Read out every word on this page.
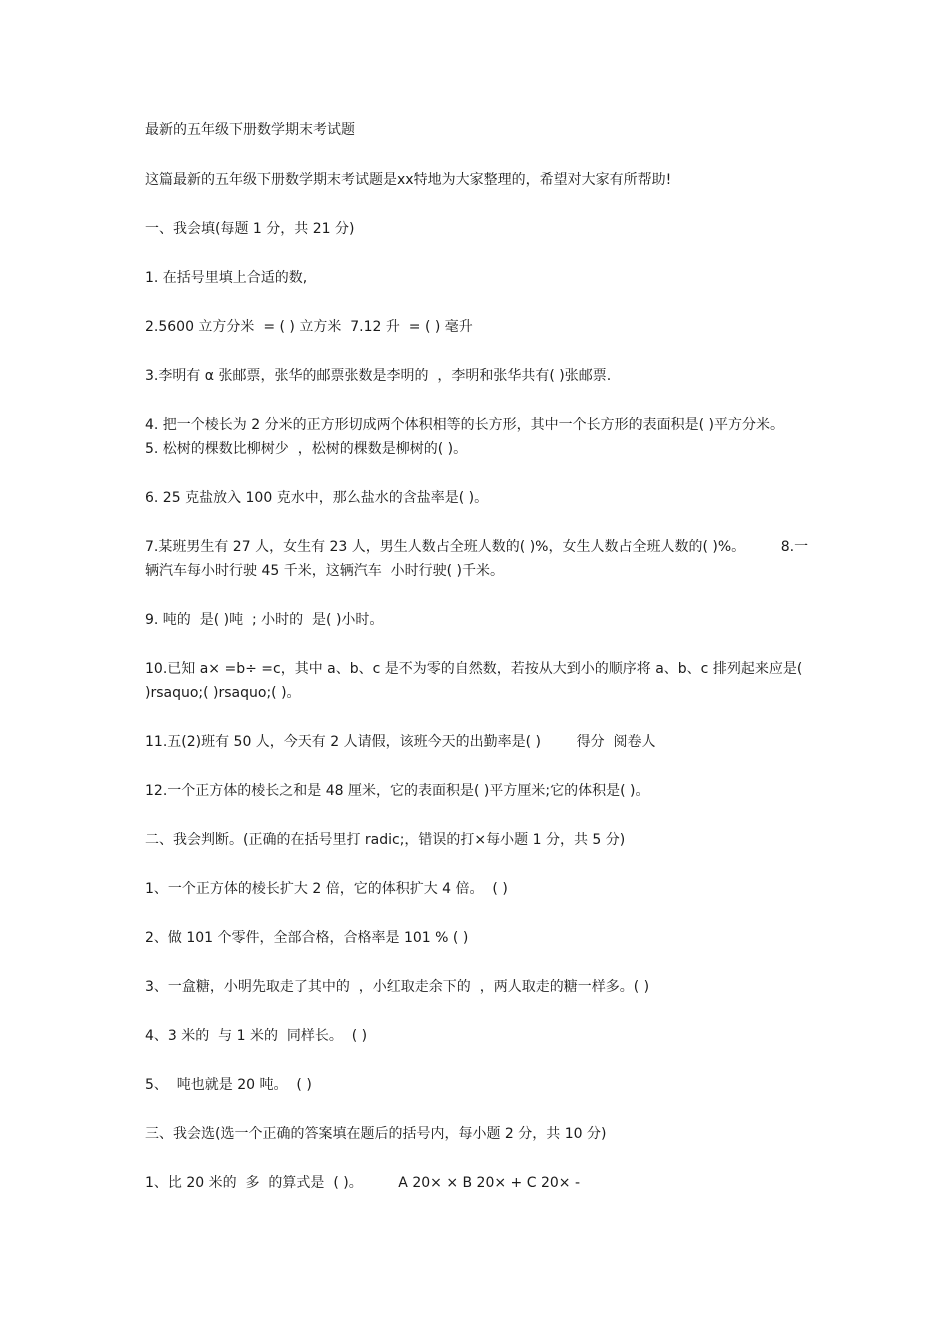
最新的五年级下册数学期末考试题

这篇最新的五年级下册数学期末考试题是xx特地为大家整理的，希望对大家有所帮助!

一、我会填(每题 1 分，共 21 分)

1. 在括号里填上合适的数,

2.5600 立方分米  = ( ) 立方米  7.12 升  = ( ) 毫升

3.李明有 α 张邮票，张华的邮票张数是李明的  ，李明和张华共有( )张邮票.

4. 把一个棱长为 2 分米的正方形切成两个体积相等的长方形，其中一个长方形的表面积是( )平方分米。        5. 松树的棵数比柳树少  ，松树的棵数是柳树的( )。

6. 25 克盐放入 100 克水中，那么盐水的含盐率是( )。

7.某班男生有 27 人，女生有 23 人，男生人数占全班人数的( )%，女生人数占全班人数的( )%。        8.一辆汽车每小时行驶 45 千米，这辆汽车  小时行驶( )千米。

9. 吨的  是( )吨  ; 小时的  是( )小时。

10.已知 a× =b÷ =c，其中 a、b、c 是不为零的自然数，若按从大到小的顺序将 a、b、c 排列起来应是( )rsaquo;( )rsaquo;( )。

11.五(2)班有 50 人，今天有 2 人请假，该班今天的出勤率是( )        得分  阅卷人

12.一个正方体的棱长之和是 48 厘米，它的表面积是( )平方厘米;它的体积是( )。

二、我会判断。(正确的在括号里打 radic;，错误的打×每小题 1 分，共 5 分)

1、一个正方体的棱长扩大 2 倍，它的体积扩大 4 倍。  ( )

2、做 101 个零件，全部合格，合格率是 101 % ( )

3、一盒糖，小明先取走了其中的  ，小红取走余下的  ，两人取走的糖一样多。( )

4、3 米的  与 1 米的  同样长。  ( )

5、  吨也就是 20 吨。  ( )

三、我会选(选一个正确的答案填在题后的括号内，每小题 2 分，共 10 分)

1、比 20 米的  多  的算式是  ( )。        A 20× × B 20× + C 20× -
